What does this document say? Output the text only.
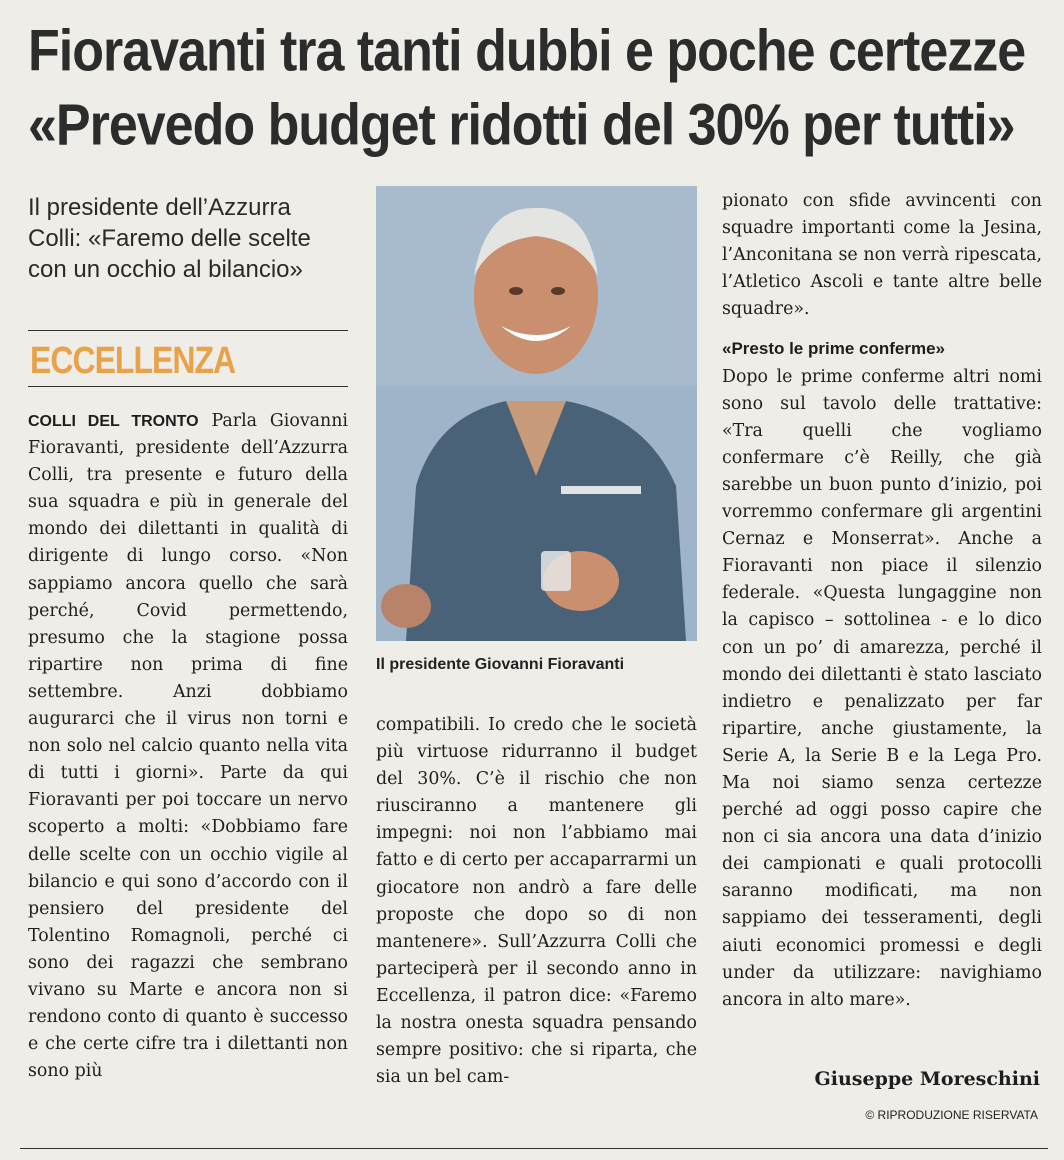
Fioravanti tra tanti dubbi e poche certezze
«Prevedo budget ridotti del 30% per tutti»
Il presidente dell’Azzurra Colli: «Faremo delle scelte con un occhio al bilancio»
ECCELLENZA

COLLI DEL TRONTO Parla Giovanni Fioravanti, presidente dell’Azzurra Colli, tra presente e futuro della sua squadra e più in generale del mondo dei dilettanti in qualità di dirigente di lungo corso. «Non sappiamo ancora quello che sarà perché, Covid permettendo, presumo che la stagione possa ripartire non prima di fine settembre. Anzi dobbiamo augurarci che il virus non torni e non solo nel calcio quanto nella vita di tutti i giorni». Parte da qui Fioravanti per poi toccare un nervo scoperto a molti: «Dobbiamo fare delle scelte con un occhio vigile al bilancio e qui sono d’accordo con il pensiero del presidente del Tolentino Romagnoli, perché ci sono dei ragazzi che sembrano vivano su Marte e ancora non si rendono conto di quanto è successo e che certe cifre tra i dilettanti non sono più

Il presidente Giovanni Fioravanti

compatibili. Io credo che le società più virtuose ridurranno il budget del 30%. C’è il rischio che non riusciranno a mantenere gli impegni: noi non l’abbiamo mai fatto e di certo per accaparrarmi un giocatore non andrò a fare delle proposte che dopo so di non mantenere». Sull’Azzurra Colli che parteciperà per il secondo anno in Eccellenza, il patron dice: «Faremo la nostra onesta squadra pensando sempre positivo: che si riparta, che sia un bel cam-

pionato con sfide avvincenti con squadre importanti come la Jesina, l’Anconitana se non verrà ripescata, l’Atletico Ascoli e tante altre belle squadre».

«Presto le prime conferme»

Dopo le prime conferme altri nomi sono sul tavolo delle trattative: «Tra quelli che vogliamo confermare c’è Reilly, che già sarebbe un buon punto d’inizio, poi vorremmo confermare gli argentini Cernaz e Monserrat». Anche a Fioravanti non piace il silenzio federale. «Questa lungaggine non la capisco – sottolinea - e lo dico con un po’ di amarezza, perché il mondo dei dilettanti è stato lasciato indietro e penalizzato per far ripartire, anche giustamente, la Serie A, la Serie B e la Lega Pro. Ma noi siamo senza certezze perché ad oggi posso capire che non ci sia ancora una data d’inizio dei campionati e quali protocolli saranno modificati, ma non sappiamo dei tesseramenti, degli aiuti economici promessi e degli under da utilizzare: navighiamo ancora in alto mare».

Giuseppe Moreschini
© RIPRODUZIONE RISERVATA
